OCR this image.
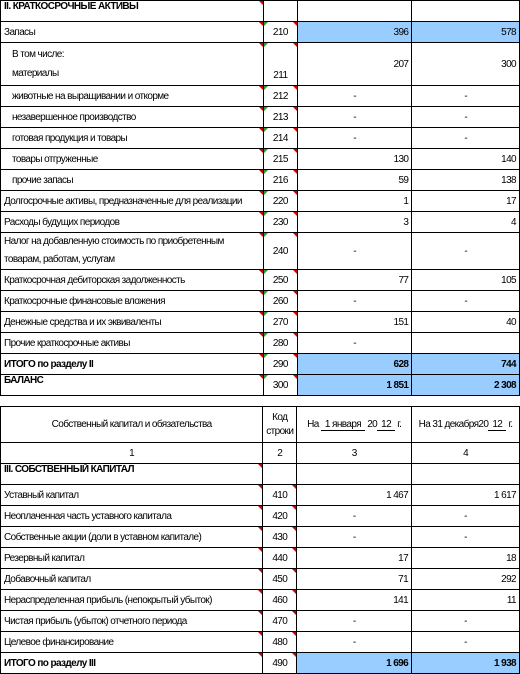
II. КРАТКОСРОЧНЫЕ АКТИВЫ

Запасы	210	396	578

В том числе:
материалы	211	207	300
животные на выращивании и откорме	212	-	-
незавершенное производство	213	-	-
готовая продукция и товары	214	-	-
товары отгруженные	215	130	140
прочие запасы	216	59	138
Долгосрочные активы, предназначенные для реализации	220	1	17
Расходы будущих периодов	230	3	4
Налог на добавленную стоимость по приобретенным товарам, работам, услугам	240	-	-
Краткосрочная дебиторская задолженность	250	77	105
Краткосрочные финансовые вложения	260	-	-
Денежные средства и их эквиваленты	270	151	40
Прочие краткосрочные активы	280	-	
ИТОГО по разделу II	290	628	744
БАЛАНС	300	1 851	2 308
Собственный капитал и обязательства	Код строки	На 1 января 20 12 г.	На 31 декабря20 12 г.
1	2	3	4
III. СОБСТВЕННЫЙ КАПИТАЛ

Уставный капитал	410	1 467	1 617
Неоплаченная часть уставного капитала	420	-	-
Собственные акции (доли в уставном капитале)	430	-	-
Резервный капитал	440	17	18
Добавочный капитал	450	71	292
Нераспределенная прибыль (непокрытый убыток)	460	141	11
Чистая прибыль (убыток) отчетного периода	470	-	-
Целевое финансирование	480	-	-
ИТОГО по разделу III	490	1 696	1 938
